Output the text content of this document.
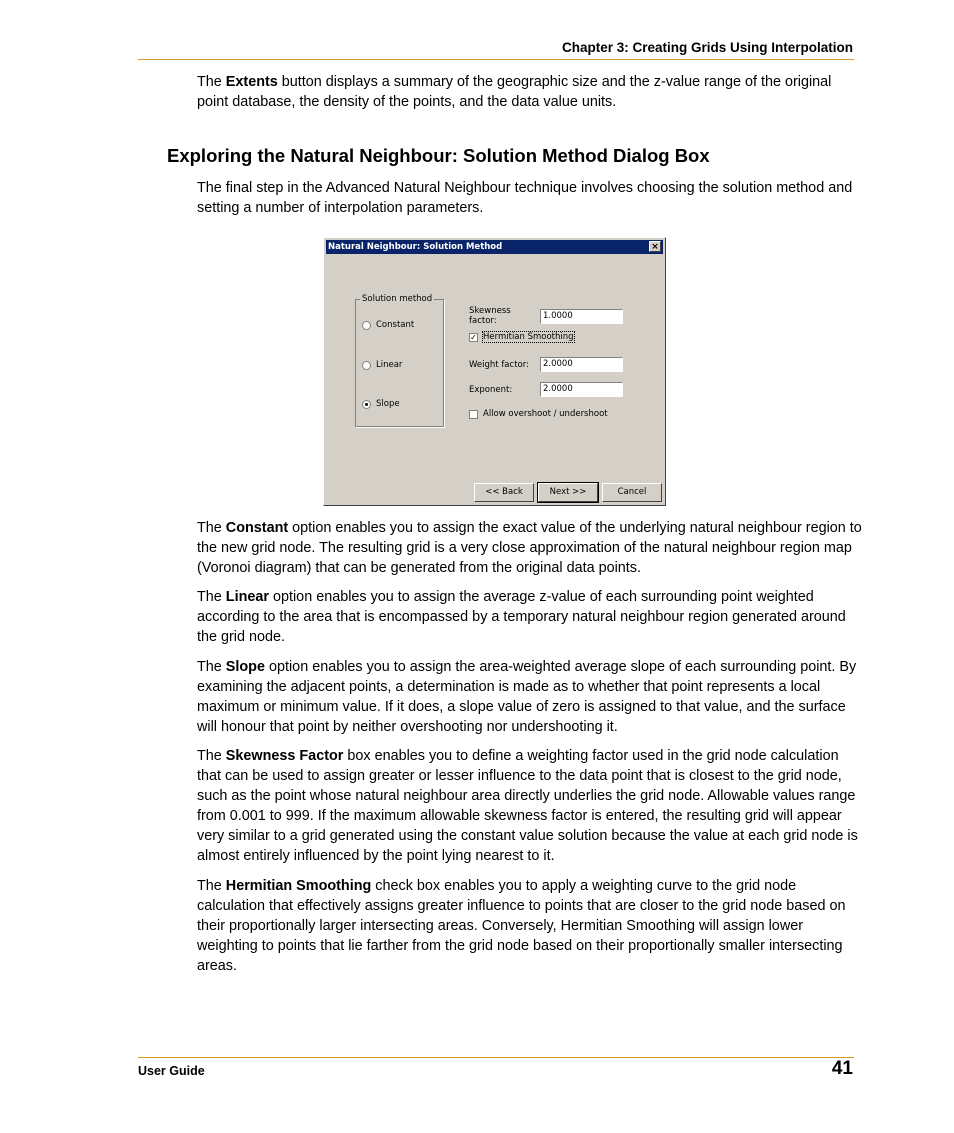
Chapter 3: Creating Grids Using Interpolation

The Extents button displays a summary of the geographic size and the z-value range of the original point database, the density of the points, and the data value units.

Exploring the Natural Neighbour: Solution Method Dialog Box

The final step in the Advanced Natural Neighbour technique involves choosing the solution method and setting a number of interpolation parameters.

Natural Neighbour: Solution Method	×
Solution method
Constant
Linear
Slope
Skewness factor:
1.0000
✓ Hermitian Smoothing
Weight factor:	2.0000
Exponent:	2.0000
Allow overshoot / undershoot
<< Back	Next >>	Cancel

The Constant option enables you to assign the exact value of the underlying natural neighbour region to the new grid node. The resulting grid is a very close approximation of the natural neighbour region map (Voronoi diagram) that can be generated from the original data points.

The Linear option enables you to assign the average z-value of each surrounding point weighted according to the area that is encompassed by a temporary natural neighbour region generated around the grid node.

The Slope option enables you to assign the area-weighted average slope of each surrounding point. By examining the adjacent points, a determination is made as to whether that point represents a local maximum or minimum value. If it does, a slope value of zero is assigned to that value, and the surface will honour that point by neither overshooting nor undershooting it.

The Skewness Factor box enables you to define a weighting factor used in the grid node calculation that can be used to assign greater or lesser influence to the data point that is closest to the grid node, such as the point whose natural neighbour area directly underlies the grid node. Allowable values range from 0.001 to 999. If the maximum allowable skewness factor is entered, the resulting grid will appear very similar to a grid generated using the constant value solution because the value at each grid node is almost entirely influenced by the point lying nearest to it.

The Hermitian Smoothing check box enables you to apply a weighting curve to the grid node calculation that effectively assigns greater influence to points that are closer to the grid node based on their proportionally larger intersecting areas. Conversely, Hermitian Smoothing will assign lower weighting to points that lie farther from the grid node based on their proportionally smaller intersecting areas.

User Guide	41
